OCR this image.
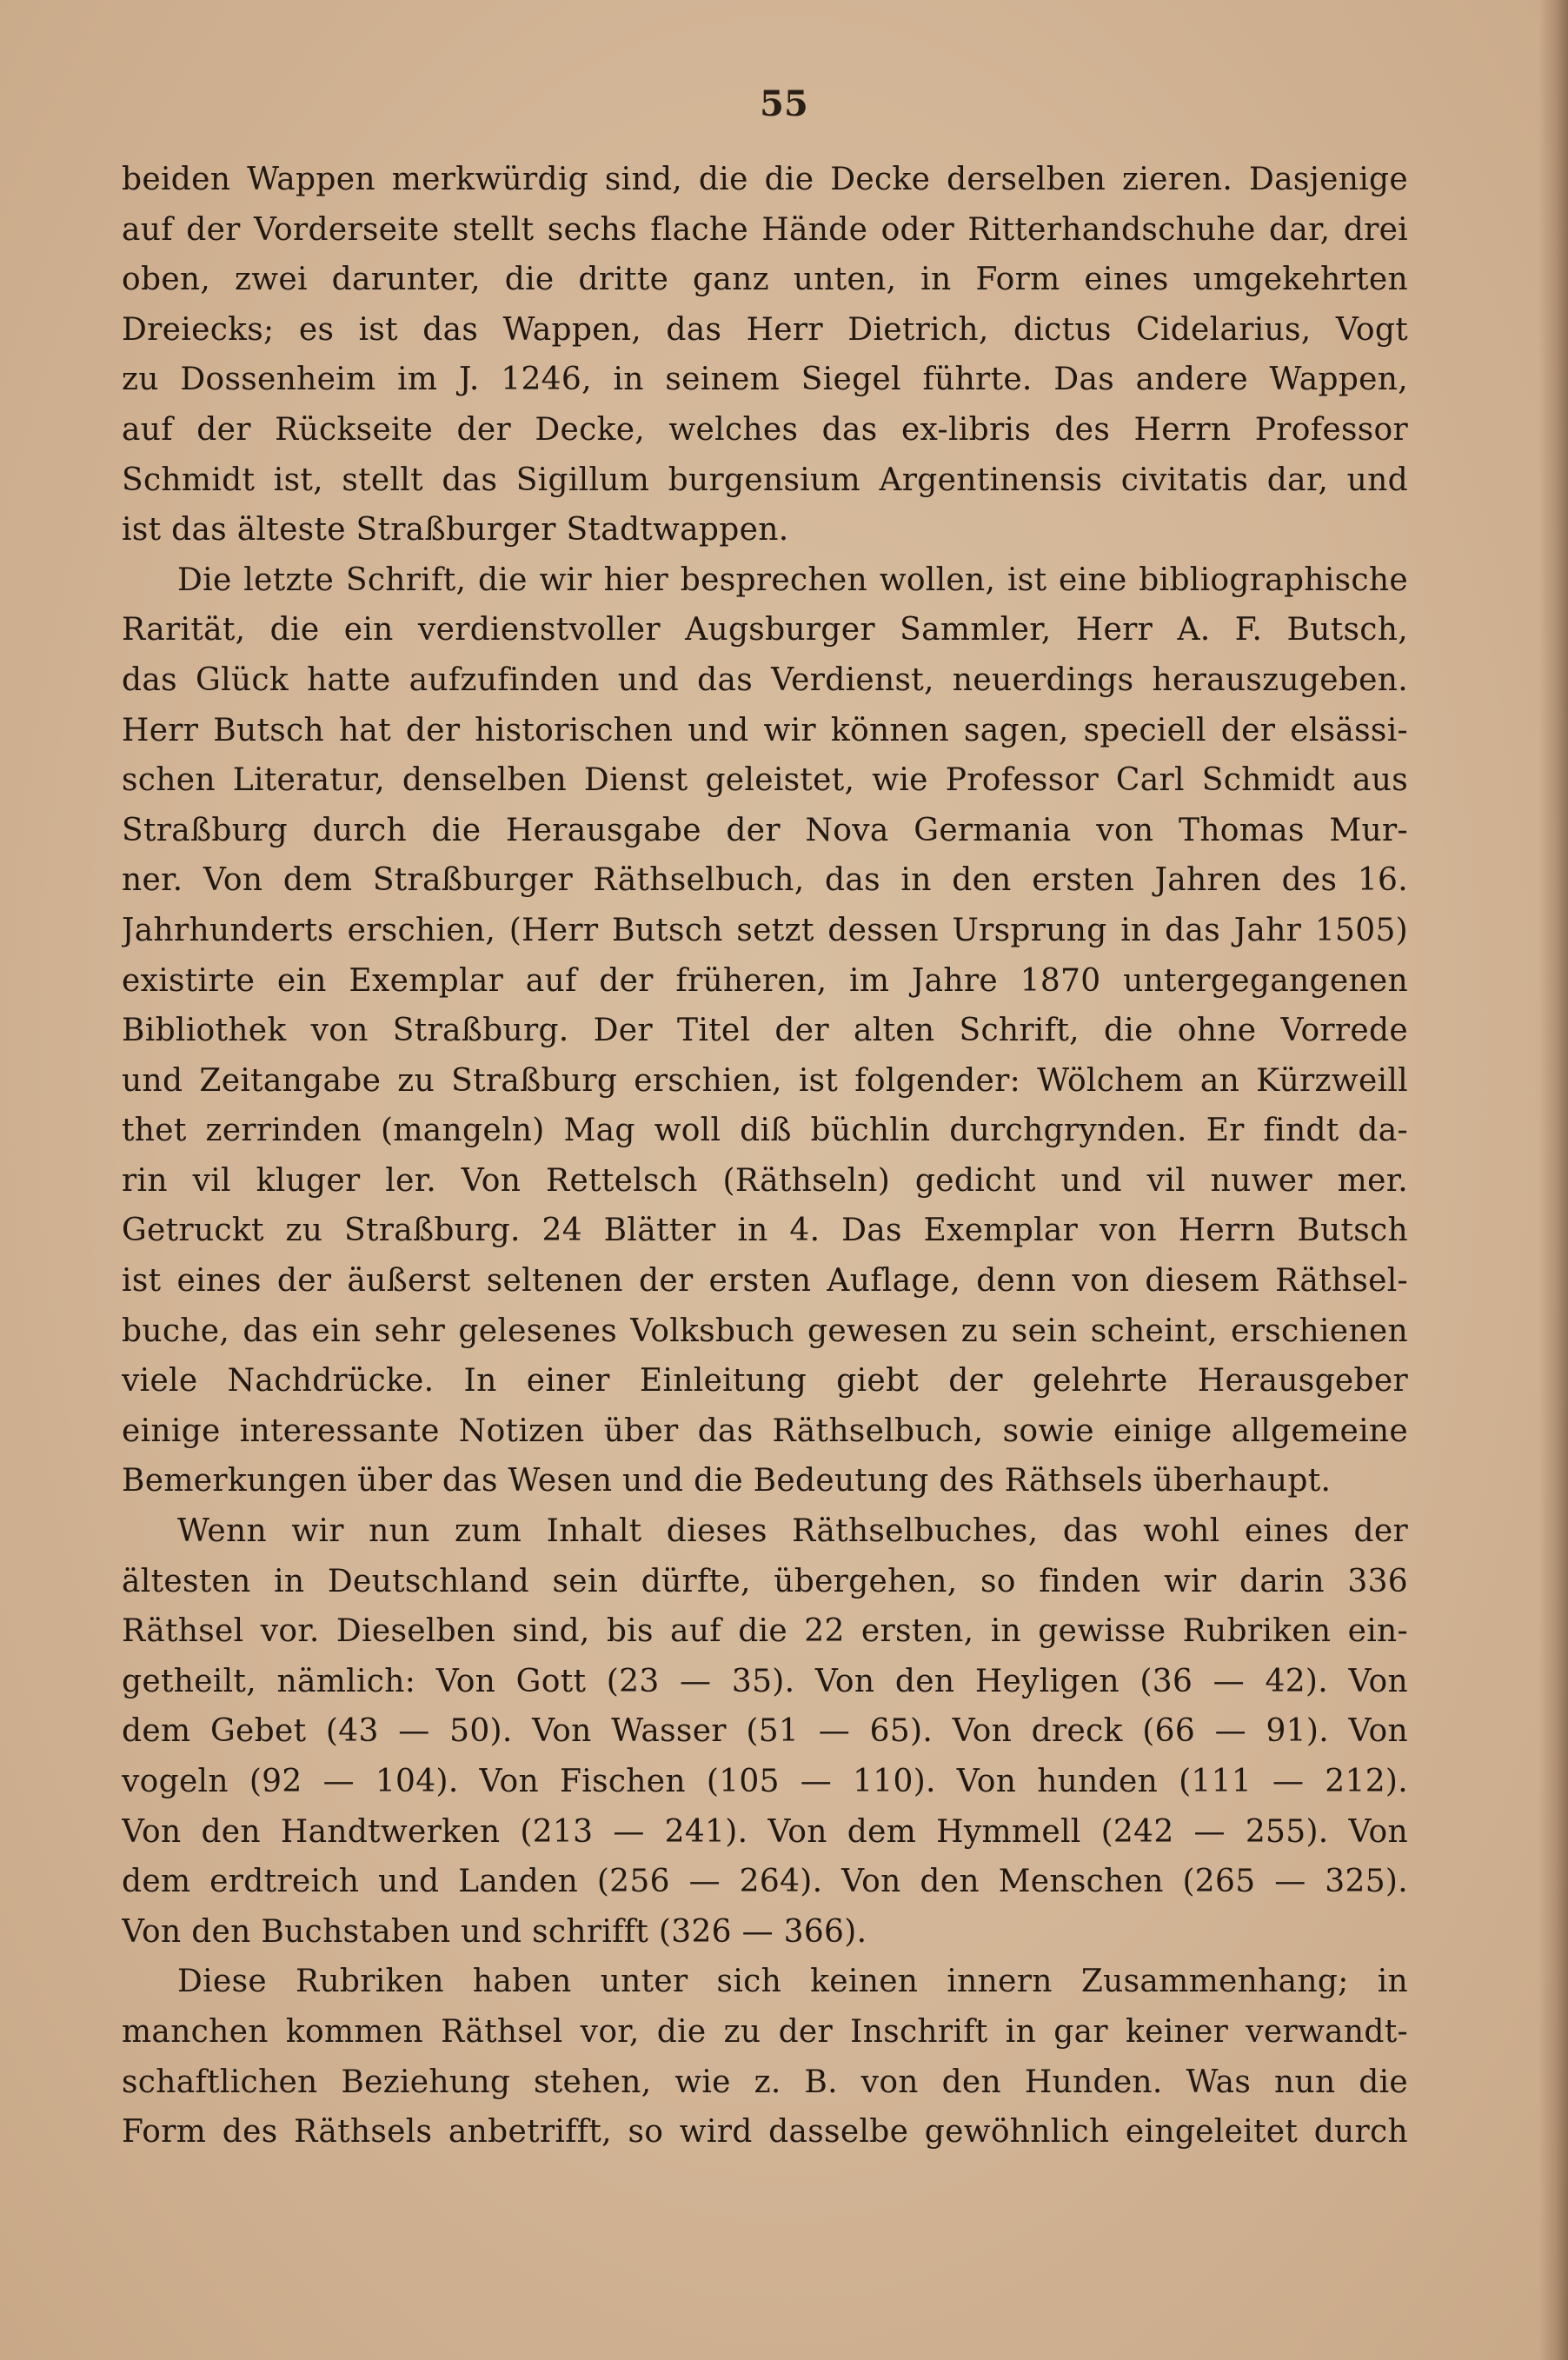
55
beiden Wappen merkwürdig sind, die die Decke derselben zieren. Dasjenige
auf der Vorderseite stellt sechs flache Hände oder Ritterhandschuhe dar, drei
oben, zwei darunter, die dritte ganz unten, in Form eines umgekehrten
Dreiecks; es ist das Wappen, das Herr Dietrich, dictus Cidelarius, Vogt
zu Dossenheim im J. 1246, in seinem Siegel führte. Das andere Wappen,
auf der Rückseite der Decke, welches das ex-libris des Herrn Professor
Schmidt ist, stellt das Sigillum burgensium Argentinensis civitatis dar, und
ist das älteste Straßburger Stadtwappen.
Die letzte Schrift, die wir hier besprechen wollen, ist eine bibliographische
Rarität, die ein verdienstvoller Augsburger Sammler, Herr A. F. Butsch,
das Glück hatte aufzufinden und das Verdienst, neuerdings herauszugeben.
Herr Butsch hat der historischen und wir können sagen, speciell der elsässi-
schen Literatur, denselben Dienst geleistet, wie Professor Carl Schmidt aus
Straßburg durch die Herausgabe der Nova Germania von Thomas Mur-
ner. Von dem Straßburger Räthselbuch, das in den ersten Jahren des 16.
Jahrhunderts erschien, (Herr Butsch setzt dessen Ursprung in das Jahr 1505)
existirte ein Exemplar auf der früheren, im Jahre 1870 untergegangenen
Bibliothek von Straßburg. Der Titel der alten Schrift, die ohne Vorrede
und Zeitangabe zu Straßburg erschien, ist folgender: Wölchem an Kürzweill
thet zerrinden (mangeln) Mag woll diß büchlin durchgrynden. Er findt da-
rin vil kluger ler. Von Rettelsch (Räthseln) gedicht und vil nuwer mer.
Getruckt zu Straßburg. 24 Blätter in 4. Das Exemplar von Herrn Butsch
ist eines der äußerst seltenen der ersten Auflage, denn von diesem Räthsel-
buche, das ein sehr gelesenes Volksbuch gewesen zu sein scheint, erschienen
viele Nachdrücke. In einer Einleitung giebt der gelehrte Herausgeber
einige interessante Notizen über das Räthselbuch, sowie einige allgemeine
Bemerkungen über das Wesen und die Bedeutung des Räthsels überhaupt.
Wenn wir nun zum Inhalt dieses Räthselbuches, das wohl eines der
ältesten in Deutschland sein dürfte, übergehen, so finden wir darin 336
Räthsel vor. Dieselben sind, bis auf die 22 ersten, in gewisse Rubriken ein-
getheilt, nämlich: Von Gott (23 — 35). Von den Heyligen (36 — 42). Von
dem Gebet (43 — 50). Von Wasser (51 — 65). Von dreck (66 — 91). Von
vogeln (92 — 104). Von Fischen (105 — 110). Von hunden (111 — 212).
Von den Handtwerken (213 — 241). Von dem Hymmell (242 — 255). Von
dem erdtreich und Landen (256 — 264). Von den Menschen (265 — 325).
Von den Buchstaben und schrifft (326 — 366).
Diese Rubriken haben unter sich keinen innern Zusammenhang; in
manchen kommen Räthsel vor, die zu der Inschrift in gar keiner verwandt-
schaftlichen Beziehung stehen, wie z. B. von den Hunden. Was nun die
Form des Räthsels anbetrifft, so wird dasselbe gewöhnlich eingeleitet durch
